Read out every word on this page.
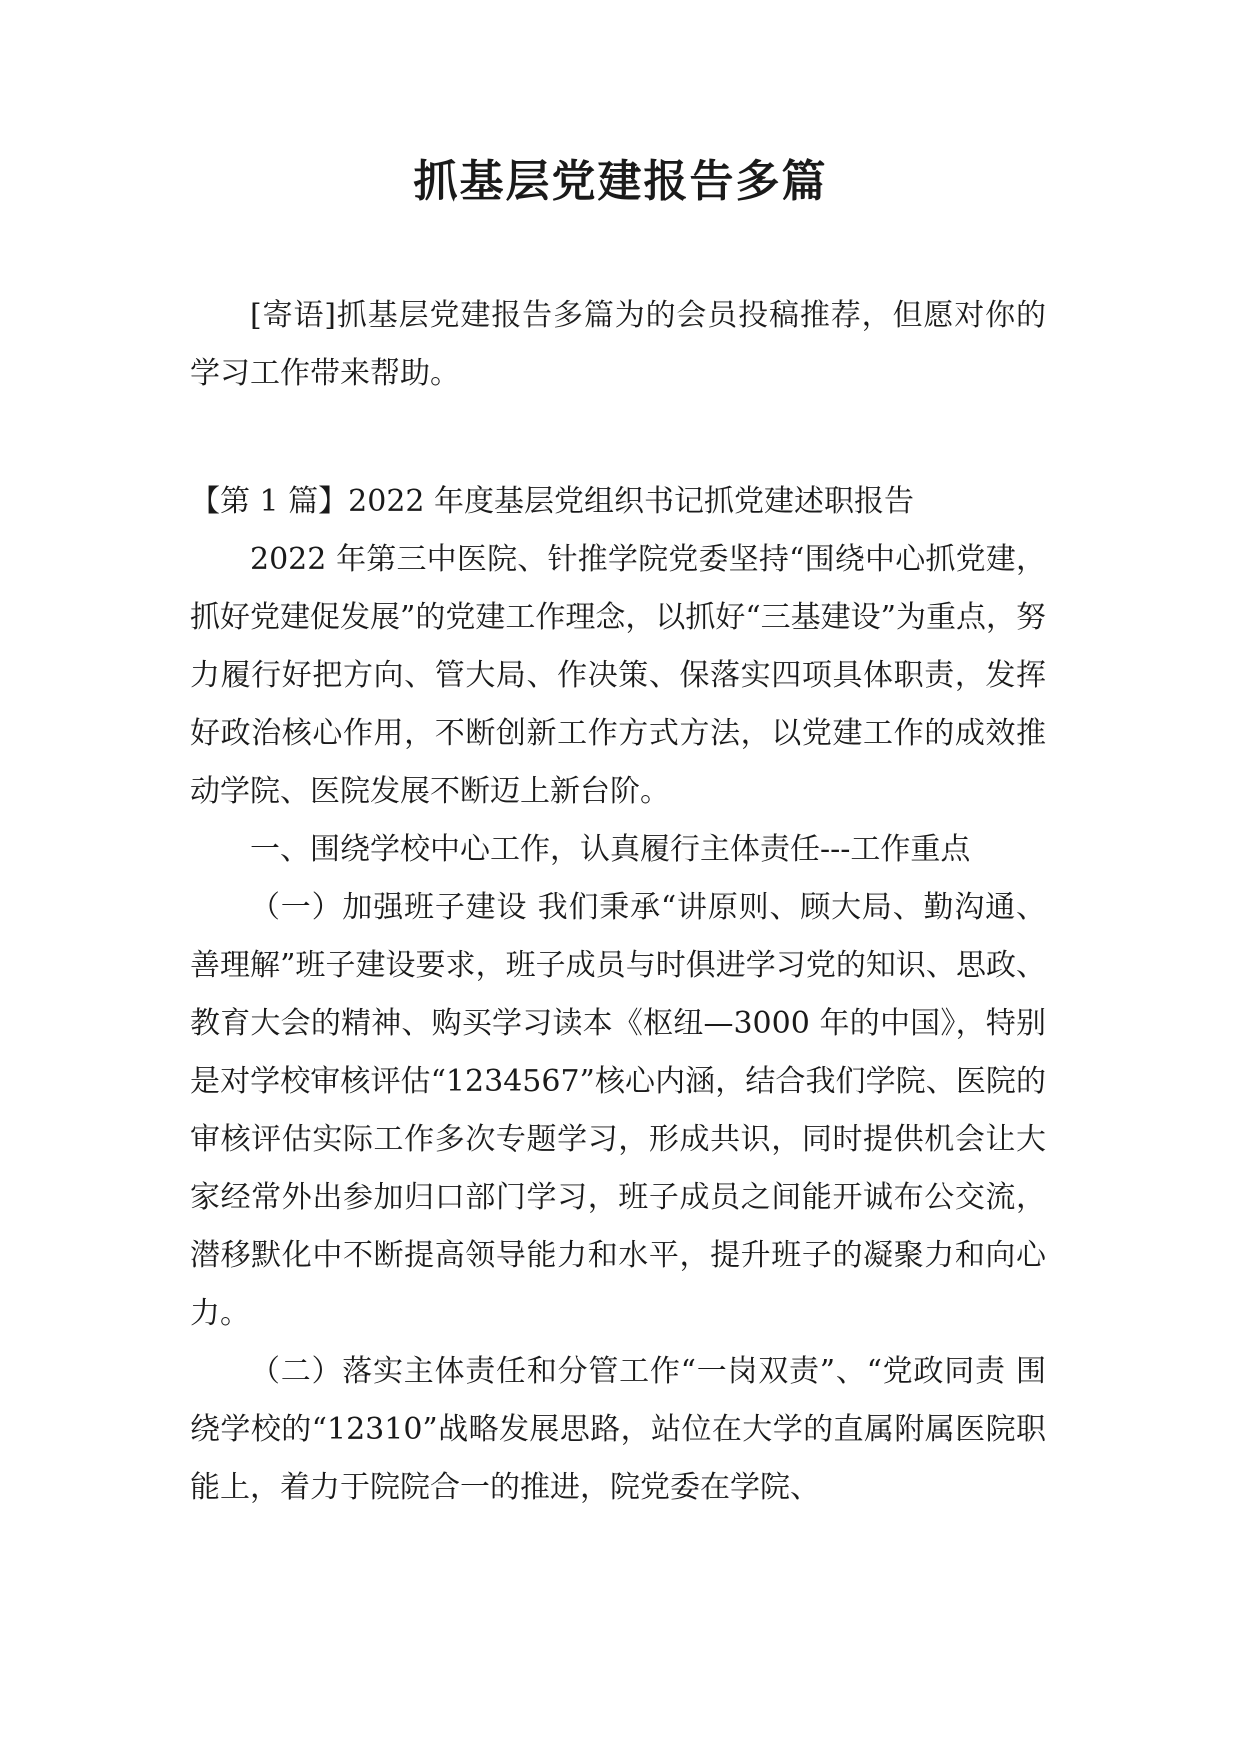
抓基层党建报告多篇

[寄语]抓基层党建报告多篇为的会员投稿推荐，但愿对你的学习工作带来帮助。

【第 1 篇】2022 年度基层党组织书记抓党建述职报告

2022 年第三中医院、针推学院党委坚持“围绕中心抓党建，抓好党建促发展”的党建工作理念，以抓好“三基建设”为重点，努力履行好把方向、管大局、作决策、保落实四项具体职责，发挥好政治核心作用，不断创新工作方式方法，以党建工作的成效推动学院、医院发展不断迈上新台阶。

一、围绕学校中心工作，认真履行主体责任---工作重点

（一）加强班子建设 我们秉承“讲原则、顾大局、勤沟通、善理解”班子建设要求，班子成员与时俱进学习党的知识、思政、教育大会的精神、购买学习读本《枢纽—3000 年的中国》，特别是对学校审核评估“1234567”核心内涵，结合我们学院、医院的审核评估实际工作多次专题学习，形成共识，同时提供机会让大家经常外出参加归口部门学习，班子成员之间能开诚布公交流，潜移默化中不断提高领导能力和水平，提升班子的凝聚力和向心力。

（二）落实主体责任和分管工作“一岗双责”、“党政同责 围绕学校的“12310”战略发展思路，站位在大学的直属附属医院职能上，着力于院院合一的推进，院党委在学院、
